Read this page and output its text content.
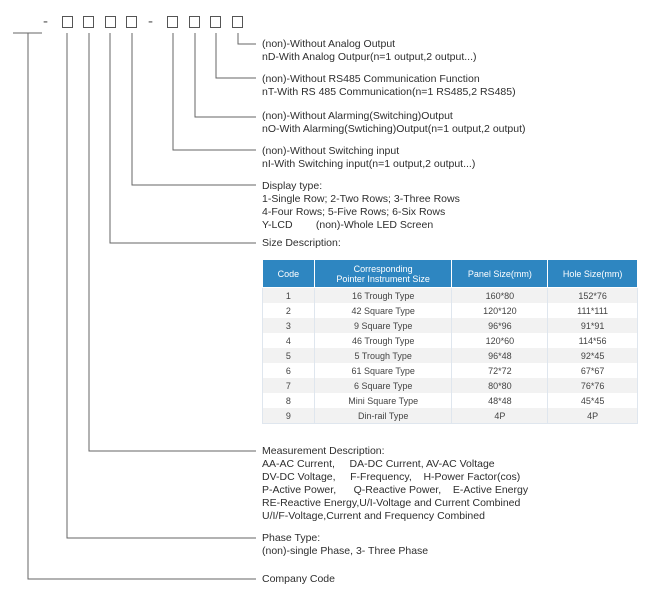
-	-
(non)-Without Analog Output
nD-With Analog Outpur(n=1 output,2 output...)
(non)-Without RS485 Communication Function
nT-With RS 485 Communication(n=1 RS485,2 RS485)
(non)-Without Alarming(Switching)Output
nO-With Alarming(Swtiching)Output(n=1 output,2 output)
(non)-Without Switching input
nI-With Switching input(n=1 output,2 output...)
Display type:
1-Single Row; 2-Two Rows; 3-Three Rows
4-Four Rows; 5-Five Rows; 6-Six Rows
Y-LCD        (non)-Whole LED Screen
Size Description:
Code	Corresponding
Pointer Instrument Size	Panel Size(mm)	Hole Size(mm)
1	16 Trough Type	160*80	152*76
2	42 Square Type	120*120	111*111
3	9 Square Type	96*96	91*91
4	46 Trough Type	120*60	114*56
5	5 Trough Type	96*48	92*45
6	61 Square Type	72*72	67*67
7	6 Square Type	80*80	76*76
8	Mini Square Type	48*48	45*45
9	Din-rail Type	4P	4P
Measurement Description:
AA-AC Current,     DA-DC Current, AV-AC Voltage
DV-DC Voltage,     F-Frequency,    H-Power Factor(cos)
P-Active Power,      Q-Reactive Power,    E-Active Energy
RE-Reactive Energy,U/I-Voltage and Current Combined
U/I/F-Voltage,Current and Frequency Combined
Phase Type:
(non)-single Phase, 3- Three Phase
Company Code
